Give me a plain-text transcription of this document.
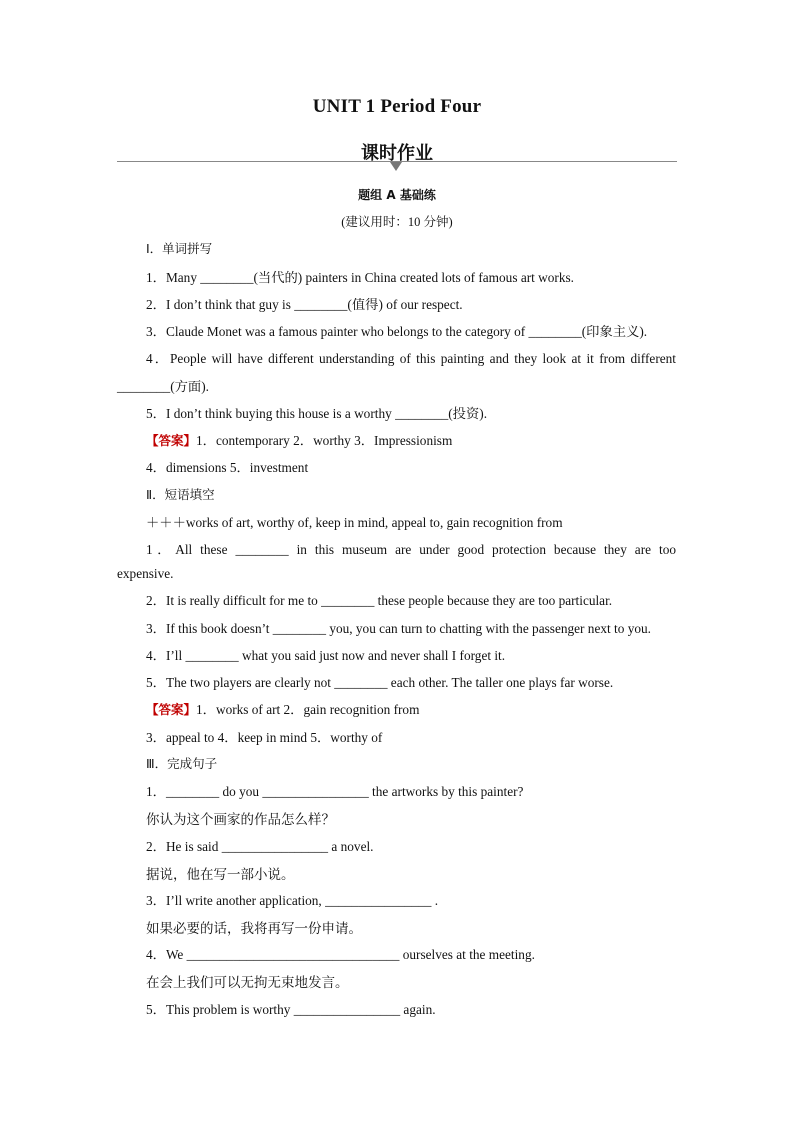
UNIT 1 Period Four
课时作业
题组 A 基础练
(建议用时：10 分钟)
Ⅰ．单词拼写
1．Many ________(当代的) painters in China created lots of famous art works.
2．I don’t think that guy is ________(值得) of our respect.
3．Claude Monet was a famous painter who belongs to the category of ________(印象主义).
4．People will have different understanding of this painting and they look at it from different
________(方面).
5．I don’t think buying this house is a worthy ________(投资).
【答案】1．contemporary 2．worthy 3．Impressionism
4．dimensions 5．investment
Ⅱ．短语填空
＋＋＋works of art, worthy of, keep in mind, appeal to, gain recognition from
1．All these ________ in this museum are under good protection because they are too
expensive.
2．It is really difficult for me to ________ these people because they are too particular.
3．If this book doesn’t ________ you, you can turn to chatting with the passenger next to you.
4．I’ll ________ what you said just now and never shall I forget it.
5．The two players are clearly not ________ each other. The taller one plays far worse.
【答案】1．works of art 2．gain recognition from
3．appeal to 4．keep in mind 5．worthy of
Ⅲ．完成句子
1．________ do you ________________ the artworks by this painter?
你认为这个画家的作品怎么样？
2．He is said ________________ a novel.
据说，他在写一部小说。
3．I’ll write another application, ________________ .
如果必要的话，我将再写一份申请。
4．We ________________________________ ourselves at the meeting.
在会上我们可以无拘无束地发言。
5．This problem is worthy ________________ again.
